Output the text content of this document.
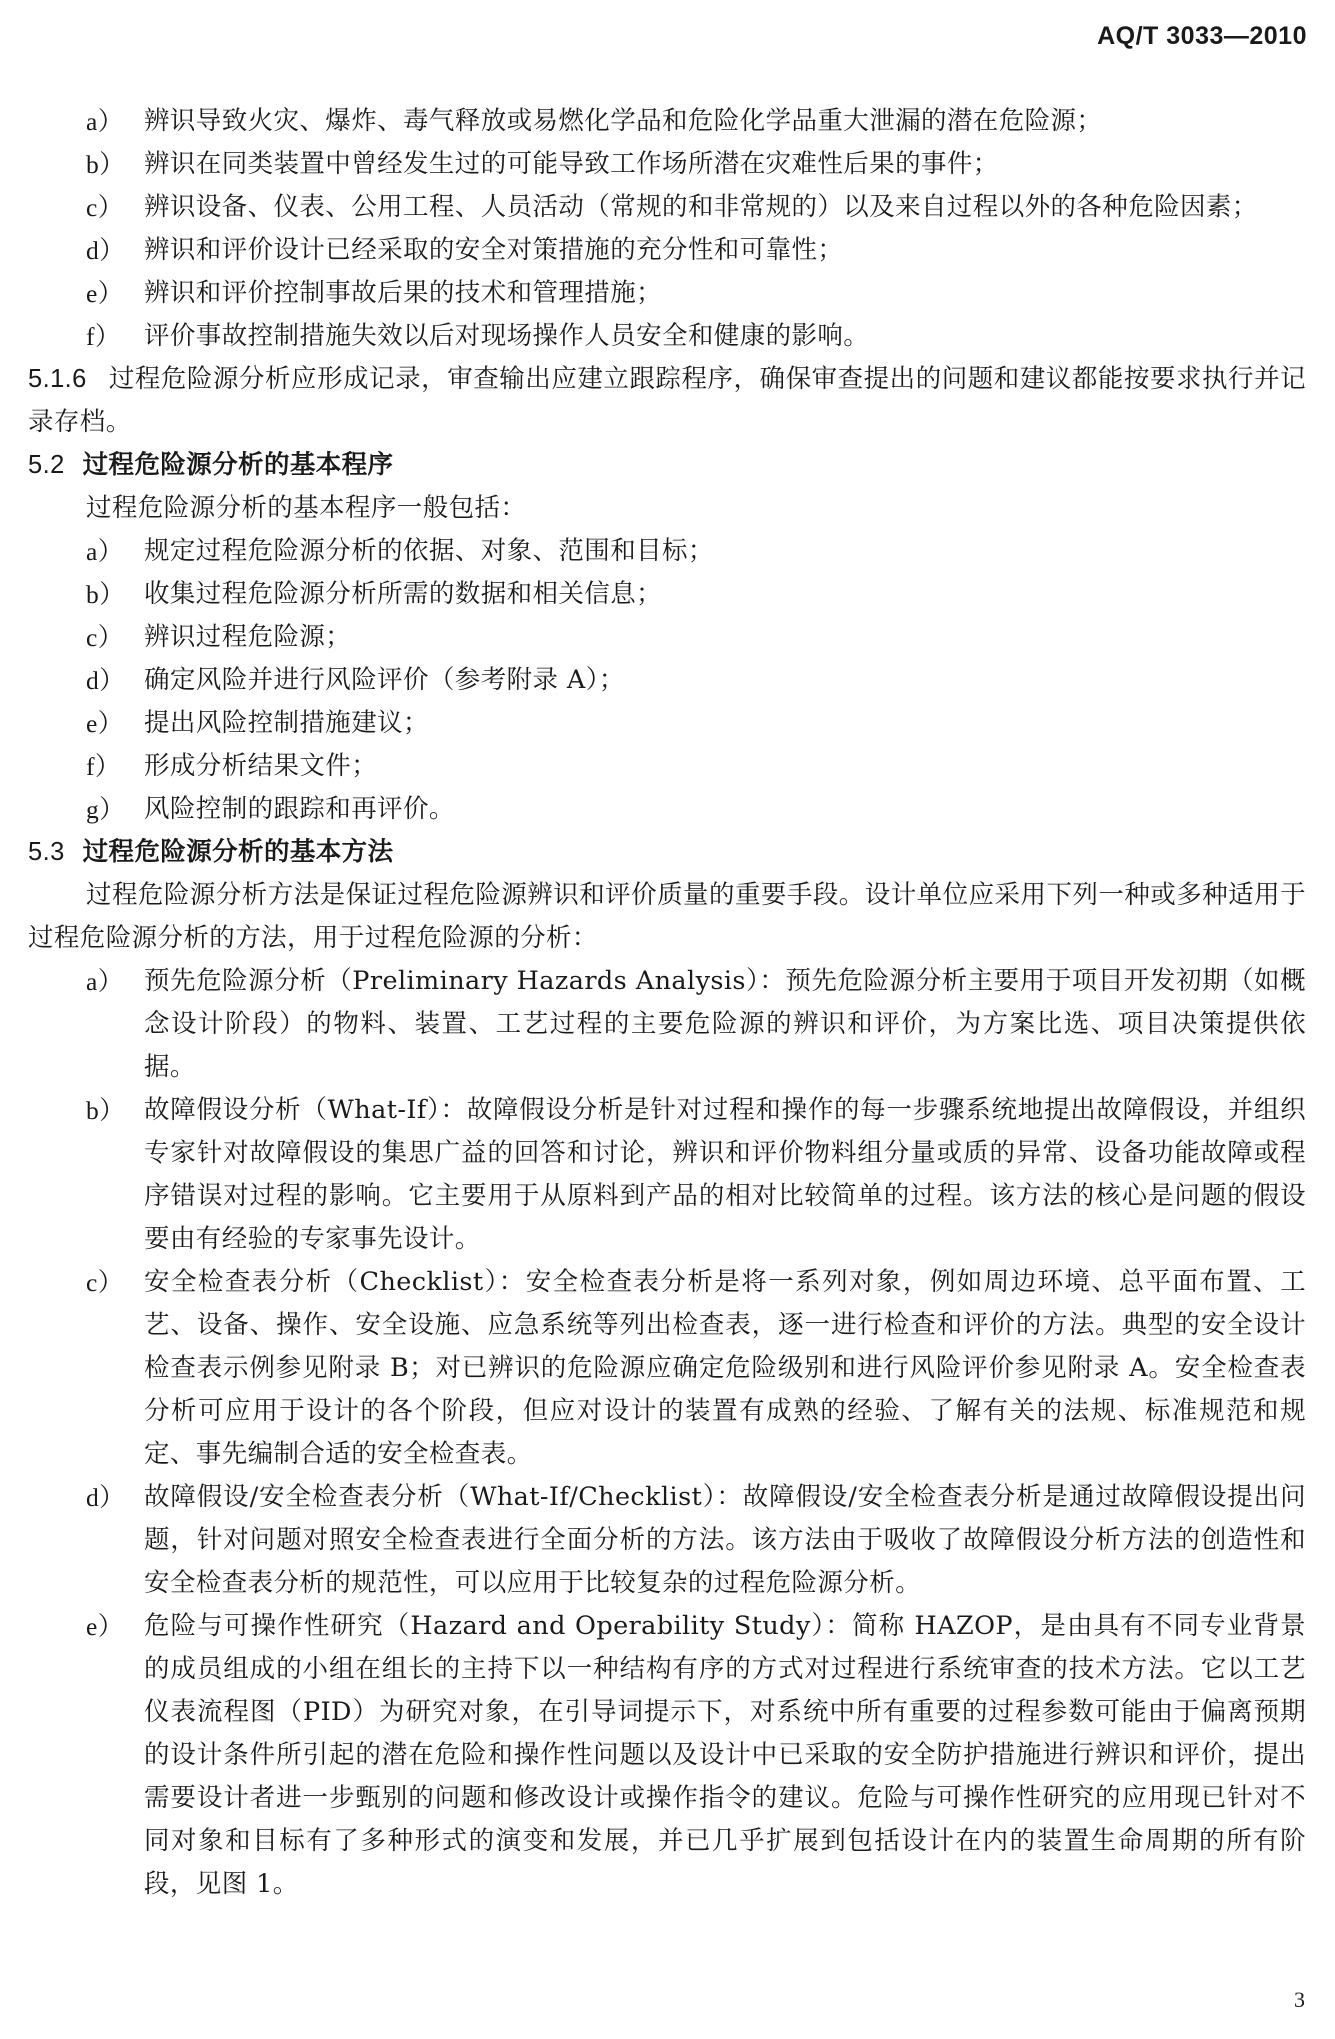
AQ/T 3033—2010
a） 辨识导致火灾、爆炸、毒气释放或易燃化学品和危险化学品重大泄漏的潜在危险源；
b） 辨识在同类装置中曾经发生过的可能导致工作场所潜在灾难性后果的事件；
c） 辨识设备、仪表、公用工程、人员活动（常规的和非常规的）以及来自过程以外的各种危险因素；
d） 辨识和评价设计已经采取的安全对策措施的充分性和可靠性；
e） 辨识和评价控制事故后果的技术和管理措施；
f） 评价事故控制措施失效以后对现场操作人员安全和健康的影响。

5.1.6 过程危险源分析应形成记录，审查输出应建立跟踪程序，确保审查提出的问题和建议都能按要求执行并记录存档。

5.2 过程危险源分析的基本程序

过程危险源分析的基本程序一般包括：

a） 规定过程危险源分析的依据、对象、范围和目标；
b） 收集过程危险源分析所需的数据和相关信息；
c） 辨识过程危险源；
d） 确定风险并进行风险评价（参考附录 A）；
e） 提出风险控制措施建议；
f） 形成分析结果文件；
g） 风险控制的跟踪和再评价。

5.3 过程危险源分析的基本方法

过程危险源分析方法是保证过程危险源辨识和评价质量的重要手段。设计单位应采用下列一种或多种适用于过程危险源分析的方法，用于过程危险源的分析：

a） 预先危险源分析（Preliminary Hazards Analysis）：预先危险源分析主要用于项目开发初期（如概念设计阶段）的物料、装置、工艺过程的主要危险源的辨识和评价，为方案比选、项目决策提供依据。
b） 故障假设分析（What-If）：故障假设分析是针对过程和操作的每一步骤系统地提出故障假设，并组织专家针对故障假设的集思广益的回答和讨论，辨识和评价物料组分量或质的异常、设备功能故障或程序错误对过程的影响。它主要用于从原料到产品的相对比较简单的过程。该方法的核心是问题的假设要由有经验的专家事先设计。
c） 安全检查表分析（Checklist）：安全检查表分析是将一系列对象，例如周边环境、总平面布置、工艺、设备、操作、安全设施、应急系统等列出检查表，逐一进行检查和评价的方法。典型的安全设计检查表示例参见附录 B；对已辨识的危险源应确定危险级别和进行风险评价参见附录 A。安全检查表分析可应用于设计的各个阶段，但应对设计的装置有成熟的经验、了解有关的法规、标准规范和规定、事先编制合适的安全检查表。
d） 故障假设/安全检查表分析（What-If/Checklist）：故障假设/安全检查表分析是通过故障假设提出问题，针对问题对照安全检查表进行全面分析的方法。该方法由于吸收了故障假设分析方法的创造性和安全检查表分析的规范性，可以应用于比较复杂的过程危险源分析。
e） 危险与可操作性研究（Hazard and Operability Study）：简称 HAZOP，是由具有不同专业背景的成员组成的小组在组长的主持下以一种结构有序的方式对过程进行系统审查的技术方法。它以工艺仪表流程图（PID）为研究对象，在引导词提示下，对系统中所有重要的过程参数可能由于偏离预期的设计条件所引起的潜在危险和操作性问题以及设计中已采取的安全防护措施进行辨识和评价，提出需要设计者进一步甄别的问题和修改设计或操作指令的建议。危险与可操作性研究的应用现已针对不同对象和目标有了多种形式的演变和发展，并已几乎扩展到包括设计在内的装置生命周期的所有阶段，见图 1。
3
